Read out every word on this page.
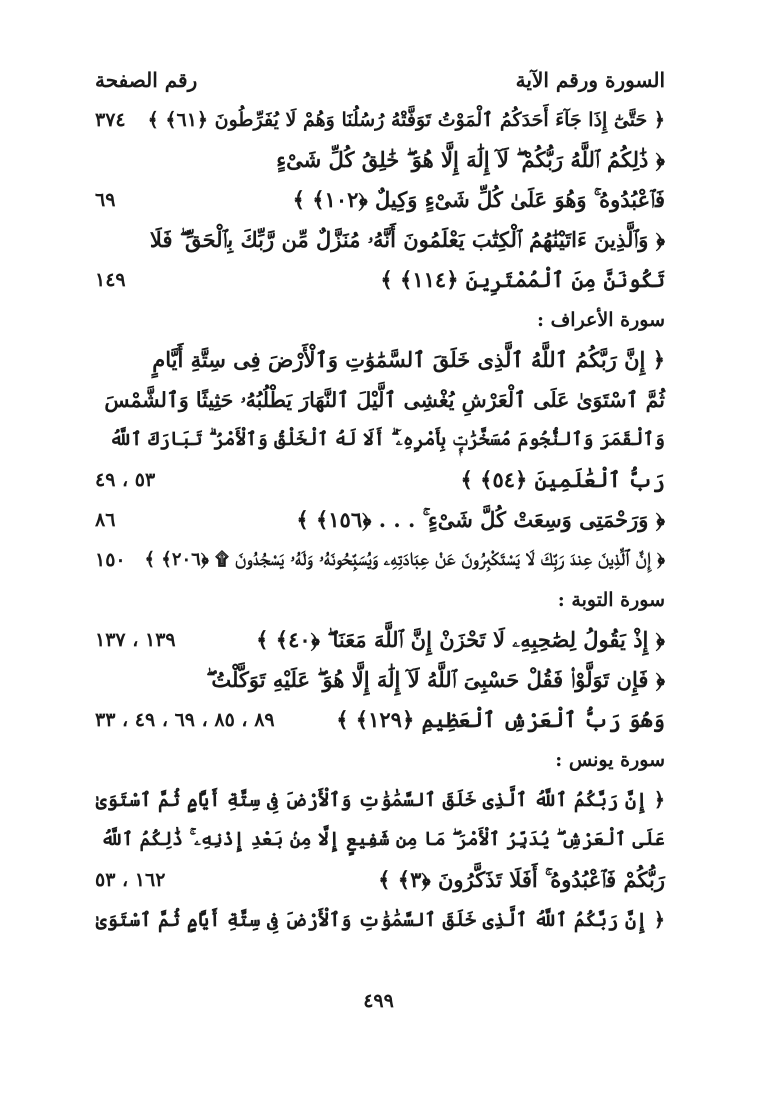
السورة ورقم الآية
رقم الصفحة
﴿ حَتَّىٰٓ إِذَا جَآءَ أَحَدَكُمُ ٱلْمَوْتُ تَوَفَّتْهُ رُسُلُنَا وَهُمْ لَا يُفَرِّطُونَ ﴿٦١﴾ ﴾
٣٧٤
﴿ ذَٰلِكُمُ ٱللَّهُ رَبُّكُمْ ۖ لَآ إِلَٰهَ إِلَّا هُوَ ۖ خَٰلِقُ كُلِّ شَىْءٍ
فَٱعْبُدُوهُ ۚ وَهُوَ عَلَىٰ كُلِّ شَىْءٍ وَكِيلٌ ﴿١٠٢﴾ ﴾
٦٩
﴿ وَٱلَّذِينَ ءَاتَيْنَٰهُمُ ٱلْكِتَٰبَ يَعْلَمُونَ أَنَّهُۥ مُنَزَّلٌ مِّن رَّبِّكَ بِٱلْحَقِّ ۖ فَلَا
تَكُونَنَّ مِنَ ٱلْمُمْتَرِينَ ﴿١١٤﴾ ﴾
١٤٩
سورة الأعراف :
﴿ إِنَّ رَبَّكُمُ ٱللَّهُ ٱلَّذِى خَلَقَ ٱلسَّمَٰوَٰتِ وَٱلْأَرْضَ فِى سِتَّةِ أَيَّامٍ
ثُمَّ ٱسْتَوَىٰ عَلَى ٱلْعَرْشِ يُغْشِى ٱلَّيْلَ ٱلنَّهَارَ يَطْلُبُهُۥ حَثِيثًا وَٱلشَّمْسَ
وَٱلْقَمَرَ وَٱلنُّجُومَ مُسَخَّرَٰتٍۭ بِأَمْرِهِۦٓ ۗ أَلَا لَهُ ٱلْخَلْقُ وَٱلْأَمْرُ ۗ تَبَارَكَ ٱللَّهُ
رَبُّ ٱلْعَٰلَمِينَ ﴿٥٤﴾ ﴾
٥٣ ، ٤٩
﴿ وَرَحْمَتِى وَسِعَتْ كُلَّ شَىْءٍ ۚ . . . ﴿١٥٦﴾ ﴾
٨٦
﴿ إِنَّ ٱلَّذِينَ عِندَ رَبِّكَ لَا يَسْتَكْبِرُونَ عَنْ عِبَادَتِهِۦ وَيُسَبِّحُونَهُۥ وَلَهُۥ يَسْجُدُونَ ۩ ﴿٢٠٦﴾ ﴾
١٥٠
سورة التوبة :
﴿ إِذْ يَقُولُ لِصَٰحِبِهِۦ لَا تَحْزَنْ إِنَّ ٱللَّهَ مَعَنَا ۖ ﴿٤٠﴾ ﴾
١٣٩ ، ١٣٧
﴿ فَإِن تَوَلَّوْا۟ فَقُلْ حَسْبِىَ ٱللَّهُ لَآ إِلَٰهَ إِلَّا هُوَ ۖ عَلَيْهِ تَوَكَّلْتُ ۖ
وَهُوَ رَبُّ ٱلْعَرْشِ ٱلْعَظِيمِ ﴿١٢٩﴾ ﴾
٨٩ ، ٨٥ ، ٦٩ ، ٤٩ ، ٣٣
سورة يونس :
﴿ إِنَّ رَبَّكُمُ ٱللَّهُ ٱلَّذِى خَلَقَ ٱلسَّمَٰوَٰتِ وَٱلْأَرْضَ فِى سِتَّةِ أَيَّامٍ ثُمَّ ٱسْتَوَىٰ
عَلَى ٱلْعَرْشِ ۖ يُدَبِّرُ ٱلْأَمْرَ ۖ مَا مِن شَفِيعٍ إِلَّا مِنۢ بَعْدِ إِذْنِهِۦ ۚ ذَٰلِكُمُ ٱللَّهُ
رَبُّكُمْ فَٱعْبُدُوهُ ۚ أَفَلَا تَذَكَّرُونَ ﴿٣﴾ ﴾
١٦٢ ، ٥٣
﴿ إِنَّ رَبَّكُمُ ٱللَّهُ ٱلَّذِى خَلَقَ ٱلسَّمَٰوَٰتِ وَٱلْأَرْضَ فِى سِتَّةِ أَيَّامٍ ثُمَّ ٱسْتَوَىٰ
٤٩٩
